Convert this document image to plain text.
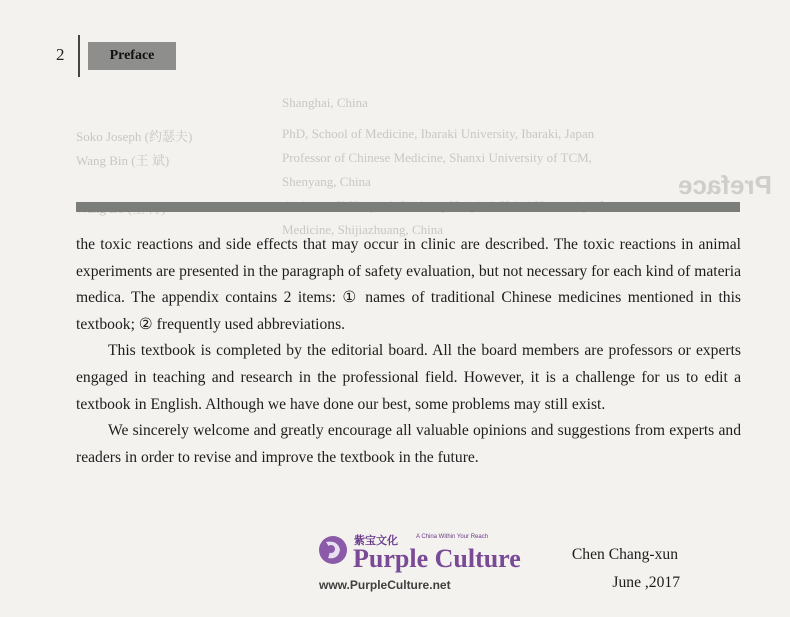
2	Preface
Shanghai, China
Soko Joseph (约瑟夫)	PhD, School of Medicine, Ibaraki University, Ibaraki, Japan
Wang Bin (王 斌)	Professor of Chinese Medicine, Shanxi University of TCM,
Shenyang, China
Medicine, Shijiazhuang, China
Preface

the toxic reactions and side effects that may occur in clinic are described. The toxic reactions in animal experiments are presented in the paragraph of safety evaluation, but not necessary for each kind of materia medica. The appendix contains 2 items: ① names of traditional Chinese medicines mentioned in this textbook; ② frequently used abbreviations.

This textbook is completed by the editorial board. All the board members are professors or experts engaged in teaching and research in the professional field. However, it is a challenge for us to edit a textbook in English. Although we have done our best, some problems may still exist.

We sincerely welcome and greatly encourage all valuable opinions and suggestions from experts and readers in order to revise and improve the textbook in the future.

Chen Chang-xun
June ,2017
紫宝文化	A China Within Your Reach
Purple Culture
www.PurpleCulture.net
